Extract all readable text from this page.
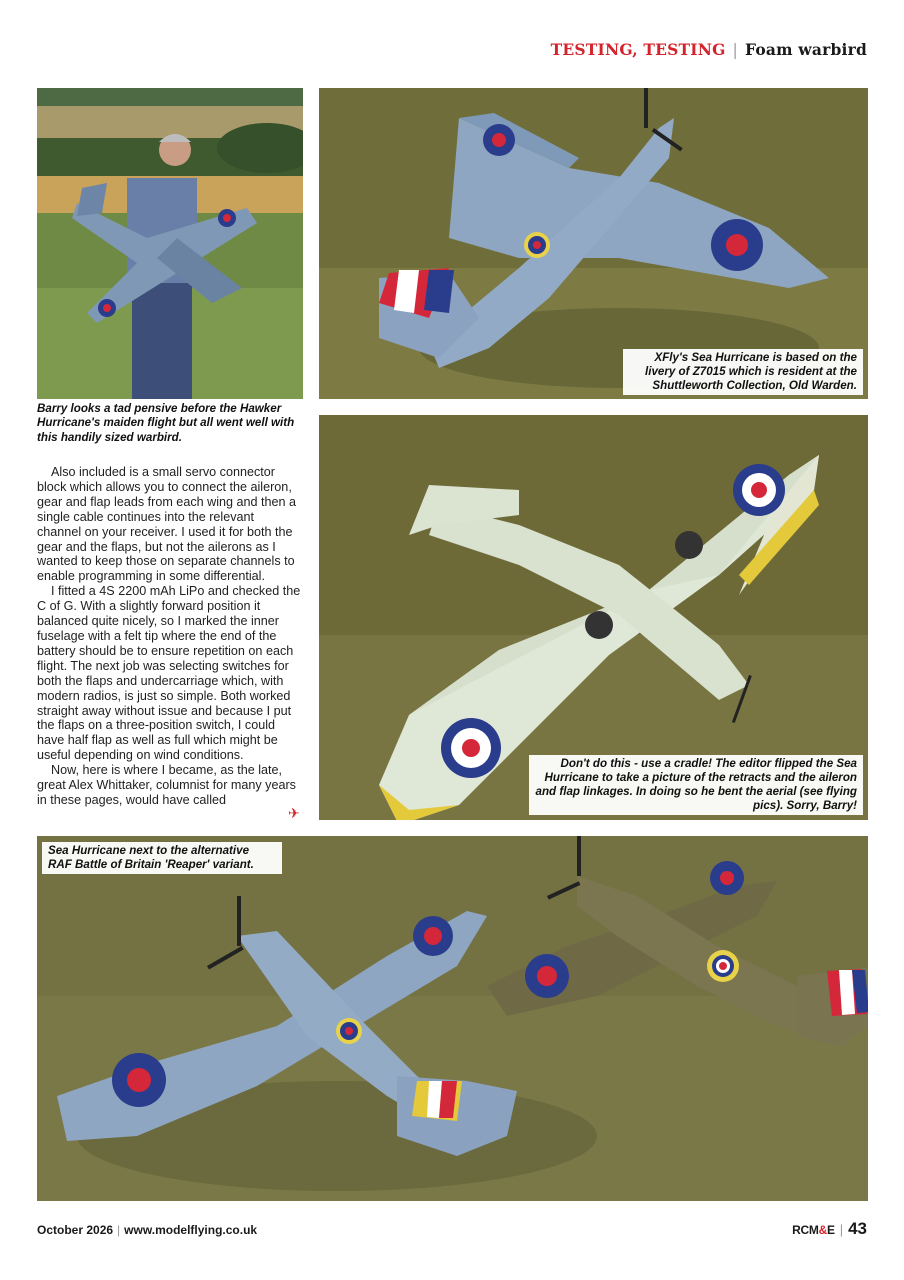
TESTING, TESTING | Foam warbird
Barry looks a tad pensive before the Hawker Hurricane's maiden flight but all went well with this handily sized warbird.
XFly's Sea Hurricane is based on the livery of Z7015 which is resident at the Shuttleworth Collection, Old Warden.
Don't do this - use a cradle! The editor flipped the Sea Hurricane to take a picture of the retracts and the aileron and flap linkages. In doing so he bent the aerial (see flying pics). Sorry, Barry!
Sea Hurricane next to the alternative RAF Battle of Britain 'Reaper' variant.

Also included is a small servo connector block which allows you to connect the aileron, gear and flap leads from each wing and then a single cable continues into the relevant channel on your receiver. I used it for both the gear and the flaps, but not the ailerons as I wanted to keep those on separate channels to enable programming in some differential.

I fitted a 4S 2200 mAh LiPo and checked the C of G. With a slightly forward position it balanced quite nicely, so I marked the inner fuselage with a felt tip where the end of the battery should be to ensure repetition on each flight. The next job was selecting switches for both the flaps and undercarriage which, with modern radios, is just so simple. Both worked straight away without issue and because I put the flaps on a three-position switch, I could have half flap as well as full which might be useful depending on wind conditions.

Now, here is where I became, as the late, great Alex Whittaker, columnist for many years in these pages, would have called

✈
October 2026 | www.modelflying.co.uk	RCM&E | 43
